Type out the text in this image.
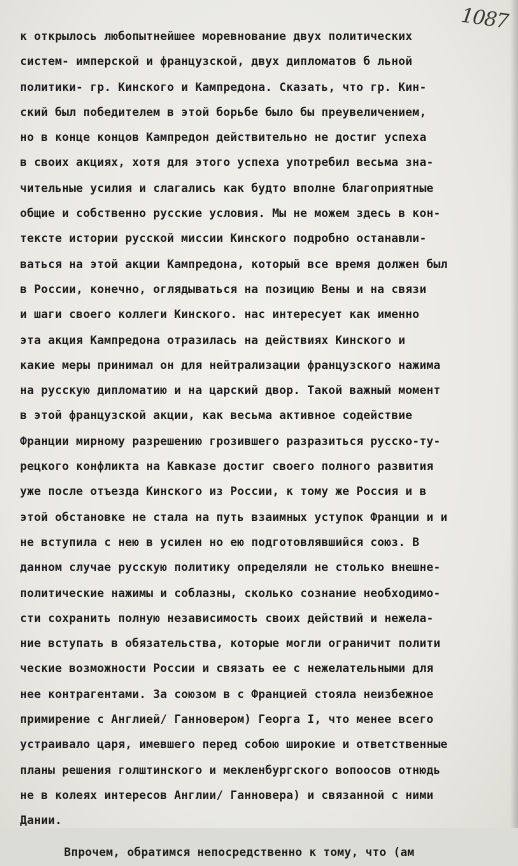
1087
к открылось любопытнейшее моревнование двух политических
систем- имперской и французской, двух дипломатов б льной
политики- гр. Кинского и Кампредона. Сказать, что гр. Кин-
ский был победителем в этой борьбе было бы преувеличением,
но в конце концов Кампредон действительно не достиг успеха
в своих акциях, хотя для этого успеха употребил весьма зна-
чительные усилия и слагались как будто вполне благоприятные
общие и собственно русские условия. Мы не можем здесь в кон-
тексте истории русской миссии Кинского подробно останавли-
ваться на этой акции Кампредона, который все время должен был
в России, конечно, оглядываться на позицию Вены и на связи
и шаги своего коллеги Кинского. нас интересует как именно
эта акция Кампредона отразилась на действиях Кинского и
какие меры принимал он для нейтрализации французского нажима
на русскую дипломатию и на царский двор. Такой важный момент
в этой французской акции, как весьма активное содействие
Франции мирному разрешению грозившего разразиться русско-ту-
рецкого конфликта на Кавказе достиг своего полного развития
уже после отъезда Кинского из России, к тому же Россия и в
этой обстановке не стала на путь взаимных уступок Франции и и
не вступила с нею в усилен но ею подготовлявшийся союз. В
данном случае русскую политику определяли не столько внешне-
политические нажимы и соблазны, сколько сознание необходимо-
сти сохранить полную независимость своих действий и нежела-
ние вступать в обязательства, которые могли ограничит полити
ческие возможности России и связать ее с нежелательными для
нее контрагентами. За союзом в с Францией стояла неизбежное
примирение с Англией/ Ганновером) Георга I, что менее всего
устраивало царя, имевшего перед собою широкие и ответственные
планы решения голштинского и мекленбургского вопоосов отнюдь
не в колеях интересов Англии/ Ганновера) и связанной с ними
Дании.
Впрочем, обратимся непосредственно к тому, что (ам
